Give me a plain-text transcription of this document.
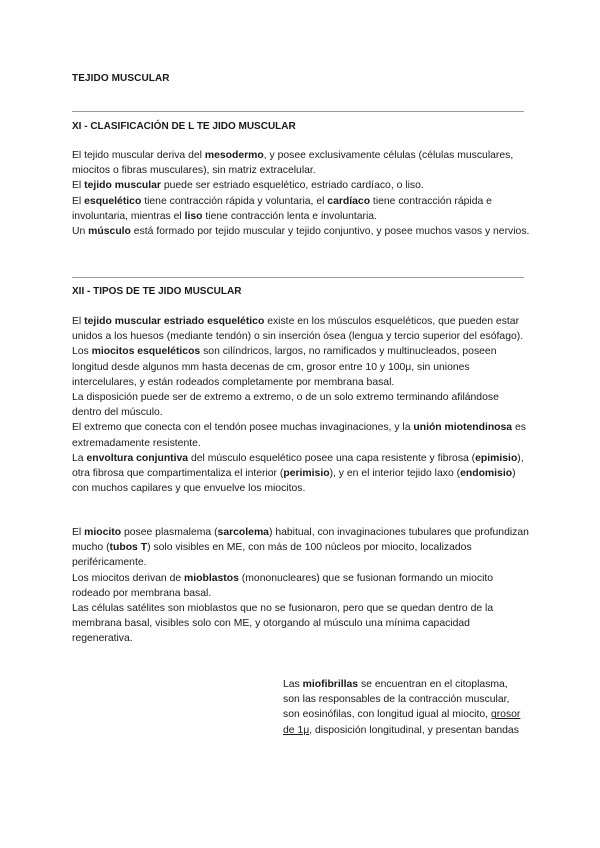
TEJIDO MUSCULAR
XI - CLASIFICACIÓN DE L TE JIDO MUSCULAR

El tejido muscular deriva del mesodermo, y posee exclusivamente células (células musculares, miocitos o fibras musculares), sin matriz extracelular.

El tejido muscular puede ser estriado esquelético, estriado cardíaco, o liso.

El esquelético tiene contracción rápida y voluntaria, el cardíaco tiene contracción rápida e involuntaria, mientras el liso tiene contracción lenta e involuntaria.

Un músculo está formado por tejido muscular y tejido conjuntivo, y posee muchos vasos y nervios.

XII - TIPOS DE TE JIDO MUSCULAR

El tejido muscular estriado esquelético existe en los músculos esqueléticos, que pueden estar unidos a los huesos (mediante tendón) o sin inserción ósea (lengua y tercio superior del esófago).

Los miocitos esqueléticos son cilíndricos, largos, no ramificados y multinucleados, poseen longitud desde algunos mm hasta decenas de cm, grosor entre 10 y 100μ, sin uniones intercelulares, y están rodeados completamente por membrana basal.

La disposición puede ser de extremo a extremo, o de un solo extremo terminando afilándose dentro del músculo.

El extremo que conecta con el tendón posee muchas invaginaciones, y la unión miotendinosa es extremadamente resistente.

La envoltura conjuntiva del músculo esquelético posee una capa resistente y fibrosa (epimisio), otra fibrosa que compartimentaliza el interior (perimisio), y en el interior tejido laxo (endomisio) con muchos capilares y que envuelve los miocitos.

El miocito posee plasmalema (sarcolema) habitual, con invaginaciones tubulares que profundizan mucho (tubos T) solo visibles en ME, con más de 100 núcleos por miocito, localizados periféricamente.

Los miocitos derivan de mioblastos (mononucleares) que se fusionan formando un miocito rodeado por membrana basal.

Las células satélites son mioblastos que no se fusionaron, pero que se quedan dentro de la membrana basal, visibles solo con ME, y otorgando al músculo una mínima capacidad regenerativa.

Las miofibrillas se encuentran en el citoplasma, son las responsables de la contracción muscular, son eosinófilas, con longitud igual al miocito, grosor de 1μ, disposición longitudinal, y presentan bandas
